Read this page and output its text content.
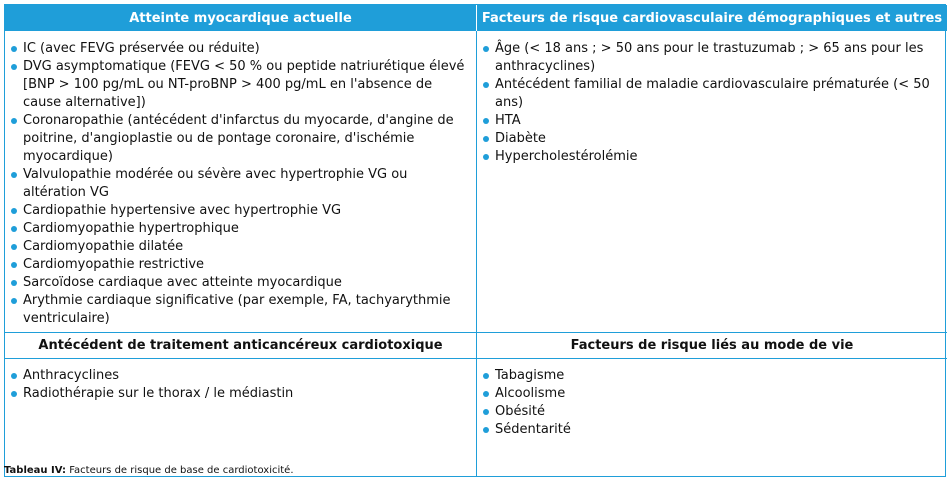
Atteinte myocardique actuelle	Facteurs de risque cardiovasculaire démographiques et autres
IC (avec FEVG préservée ou réduite)
DVG asymptomatique (FEVG < 50 % ou peptide natriurétique élevé [BNP > 100 pg/mL ou NT-proBNP > 400 pg/mL en l'absence de cause alternative])
Coronaropathie (antécédent d'infarctus du myocarde, d'angine de poitrine, d'angioplastie ou de pontage coronaire, d'ischémie myocardique)
Valvulopathie modérée ou sévère avec hypertrophie VG ou altération VG
Cardiopathie hypertensive avec hypertrophie VG
Cardiomyopathie hypertrophique
Cardiomyopathie dilatée
Cardiomyopathie restrictive
Sarcoïdose cardiaque avec atteinte myocardique
Arythmie cardiaque significative (par exemple, FA, tachyarythmie ventriculaire)
Âge (< 18 ans ; > 50 ans pour le trastuzumab ; > 65 ans pour les anthracyclines)
Antécédent familial de maladie cardiovasculaire prématurée (< 50 ans)
HTA
Diabète
Hypercholestérolémie
Antécédent de traitement anticancéreux cardiotoxique	Facteurs de risque liés au mode de vie
Anthracyclines
Radiothérapie sur le thorax / le médiastin
Tabagisme
Alcoolisme
Obésité
Sédentarité
Tableau IV: Facteurs de risque de base de cardiotoxicité.
